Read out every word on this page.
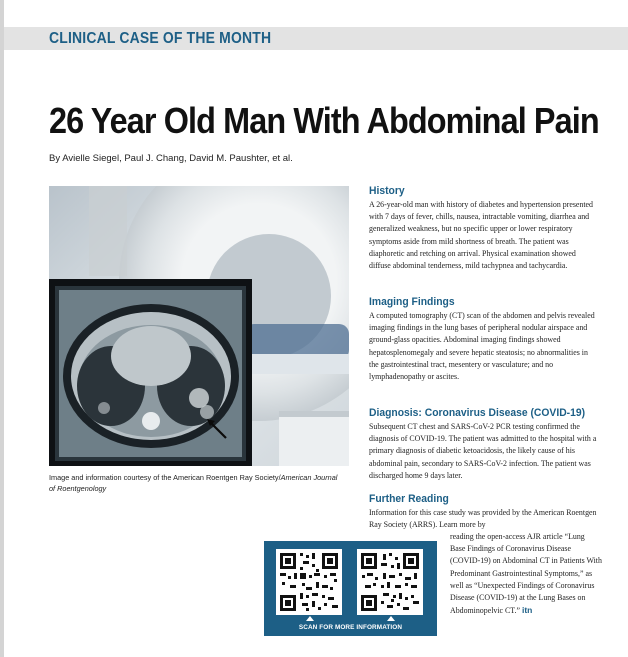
CLINICAL CASE OF THE MONTH
26 Year Old Man With Abdominal Pain
By Avielle Siegel, Paul J. Chang, David M. Paushter, et al.
Image and information courtesy of the American Roentgen Ray Society/American Journal of Roentgenology
History

A 26-year-old man with history of diabetes and hypertension presented with 7 days of fever, chills, nausea, intractable vomiting, diarrhea and generalized weakness, but no specific upper or lower respiratory symptoms aside from mild shortness of breath. The patient was diaphoretic and retching on arrival. Physical examination showed diffuse abdominal tenderness, mild tachypnea and tachycardia.

Imaging Findings

A computed tomography (CT) scan of the abdomen and pelvis revealed imaging findings in the lung bases of peripheral nodular airspace and ground-glass opacities. Abdominal imaging findings showed hepatosplenomegaly and severe hepatic steatosis; no abnormalities in the gastrointestinal tract, mesentery or vasculature; and no lymphadenopathy or ascites.

Diagnosis: Coronavirus Disease (COVID-19)

Subsequent CT chest and SARS-CoV-2 PCR testing confirmed the diagnosis of COVID-19. The patient was admitted to the hospital with a primary diagnosis of diabetic ketoacidosis, the likely cause of his abdominal pain, secondary to SARS-CoV-2 infection. The patient was discharged home 9 days later.

Further Reading

Information for this case study was provided by the American Roentgen Ray Society (ARRS). Learn more by

reading the open-access AJR article “Lung Base Findings of Coronavirus Disease (COVID-19) on Abdominal CT in Patients With Predominant Gastrointestinal Symptoms,” as well as “Unexpected Findings of Coronavirus Disease (COVID-19) at the Lung Bases on Abdominopelvic CT.” itn
SCAN FOR MORE INFORMATION
